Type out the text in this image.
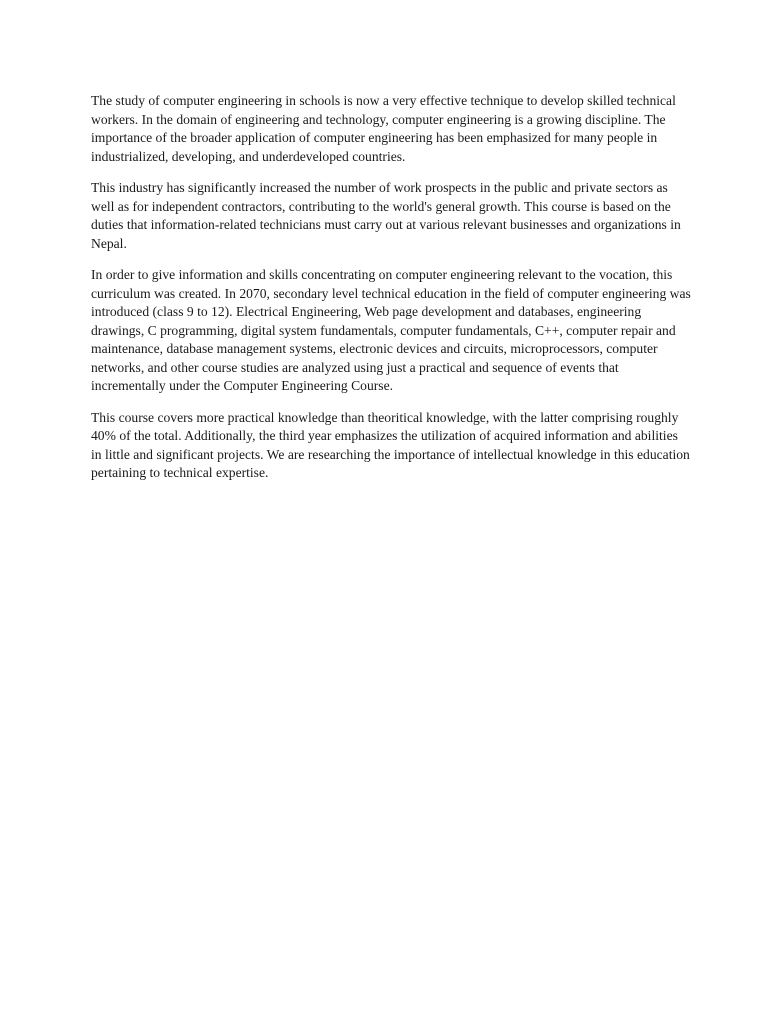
The study of computer engineering in schools is now a very effective technique to develop skilled technical workers. In the domain of engineering and technology, computer engineering is a growing discipline. The importance of the broader application of computer engineering has been emphasized for many people in industrialized, developing, and underdeveloped countries.

This industry has significantly increased the number of work prospects in the public and private sectors as well as for independent contractors, contributing to the world's general growth. This course is based on the duties that information-related technicians must carry out at various relevant businesses and organizations in Nepal.

In order to give information and skills concentrating on computer engineering relevant to the vocation, this curriculum was created. In 2070, secondary level technical education in the field of computer engineering was introduced (class 9 to 12). Electrical Engineering, Web page development and databases, engineering drawings, C programming, digital system fundamentals, computer fundamentals, C++, computer repair and maintenance, database management systems, electronic devices and circuits, microprocessors, computer networks, and other course studies are analyzed using just a practical and sequence of events that incrementally under the Computer Engineering Course.

This course covers more practical knowledge than theoritical knowledge, with the latter comprising roughly 40% of the total. Additionally, the third year emphasizes the utilization of acquired information and abilities in little and significant projects. We are researching the importance of intellectual knowledge in this education pertaining to technical expertise.
